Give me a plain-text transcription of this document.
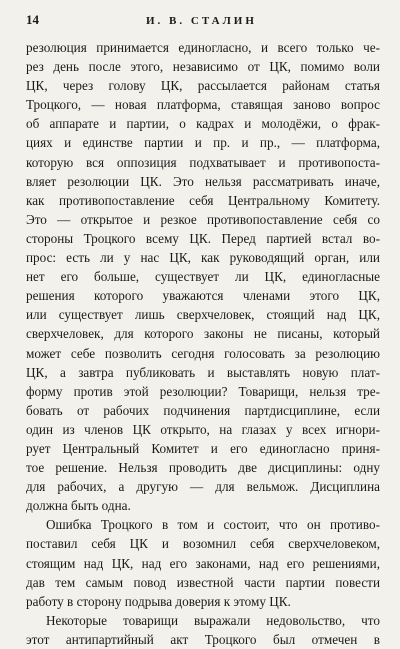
14	И. В. СТАЛИН

резолюция принимается единогласно, и всего только че-
рез день после этого, независимо от ЦК, помимо воли
ЦК, через голову ЦК, рассылается районам статья
Троцкого, — новая платформа, ставящая заново вопрос
об аппарате и партии, о кадрах и молодёжи, о фрак-
циях и единстве партии и пр. и пр., — платформа,
которую вся оппозиция подхватывает и противопоста-
вляет резолюции ЦК. Это нельзя рассматривать иначе,
как противопоставление себя Центральному Комитету.
Это — открытое и резкое противопоставление себя со
стороны Троцкого всему ЦК. Перед партией встал во-
прос: есть ли у нас ЦК, как руководящий орган, или
нет его больше, существует ли ЦК, единогласные
решения которого уважаются членами этого ЦК,
или существует лишь сверхчеловек, стоящий над ЦК,
сверхчеловек, для которого законы не писаны, который
может себе позволить сегодня голосовать за резолюцию
ЦК, а завтра публиковать и выставлять новую плат-
форму против этой резолюции? Товарищи, нельзя тре-
бовать от рабочих подчинения партдисциплине, если
один из членов ЦК открыто, на глазах у всех игнори-
рует Центральный Комитет и его единогласно приня-
тое решение. Нельзя проводить две дисциплины: одну
для рабочих, а другую — для вельмож. Дисциплина
должна быть одна.

Ошибка Троцкого в том и состоит, что он противо-
поставил себя ЦК и возомнил себя сверхчеловеком,
стоящим над ЦК, над его законами, над его решениями,
дав тем самым повод известной части партии повести
работу в сторону подрыва доверия к этому ЦК.

Некоторые товарищи выражали недовольство, что
этот антипартийный акт Троцкого был отмечен в
